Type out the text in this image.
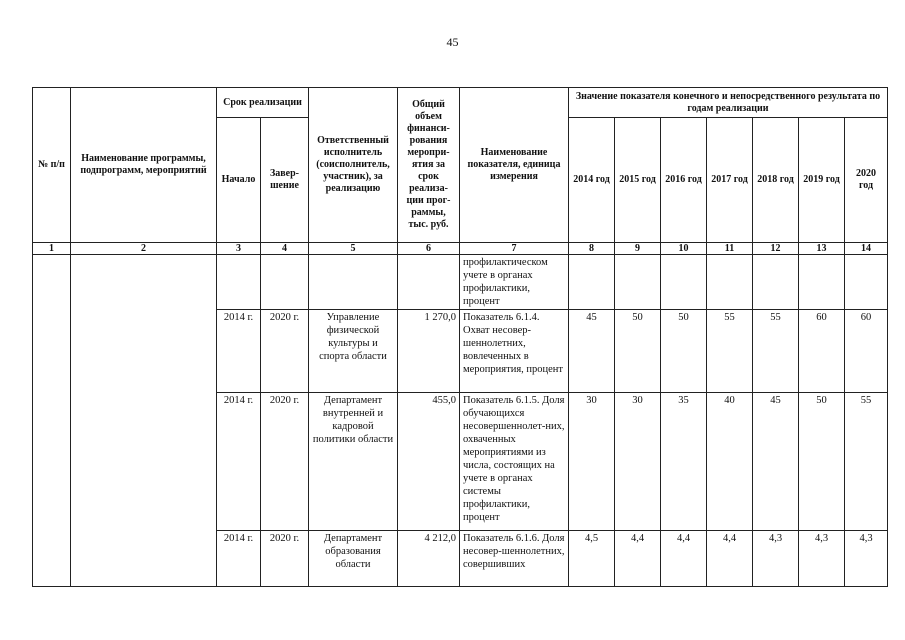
45
№ п/п	Наименование программы, подпрограмм, мероприятий	Срок реализации		Ответственный исполнитель (соисполнитель, участник), за реализацию	Общий объем финанси-рования меропри-ятия за срок реализа-ции прог-раммы, тыс. руб.	Наименование показателя, единица измерения	Значение показателя конечного и непосредственного результата по годам реализации						
		Начало	Завер-шение				2014 год	2015 год	2016 год	2017 год	2018 год	2019 год	2020 год
1	2	3	4	5	6	7	8	9	10	11	12	13	14
						профилактическом учете в органах профилактики, процент							
		2014 г.	2020 г.	Управление физической культуры и спорта области	1 270,0	Показатель 6.1.4. Охват несовер-шеннолетних, вовлеченных в мероприятия, процент	45	50	50	55	55	60	60
		2014 г.	2020 г.	Департамент внутренней и кадровой политики области	455,0	Показатель 6.1.5. Доля обучающихся несовершеннолет-них, охваченных мероприятиями из числа, состоящих на учете в органах системы профилактики, процент	30	30	35	40	45	50	55
		2014 г.	2020 г.	Департамент образования области	4 212,0	Показатель 6.1.6. Доля несовер-шеннолетних, совершивших	4,5	4,4	4,4	4,4	4,3	4,3	4,3
